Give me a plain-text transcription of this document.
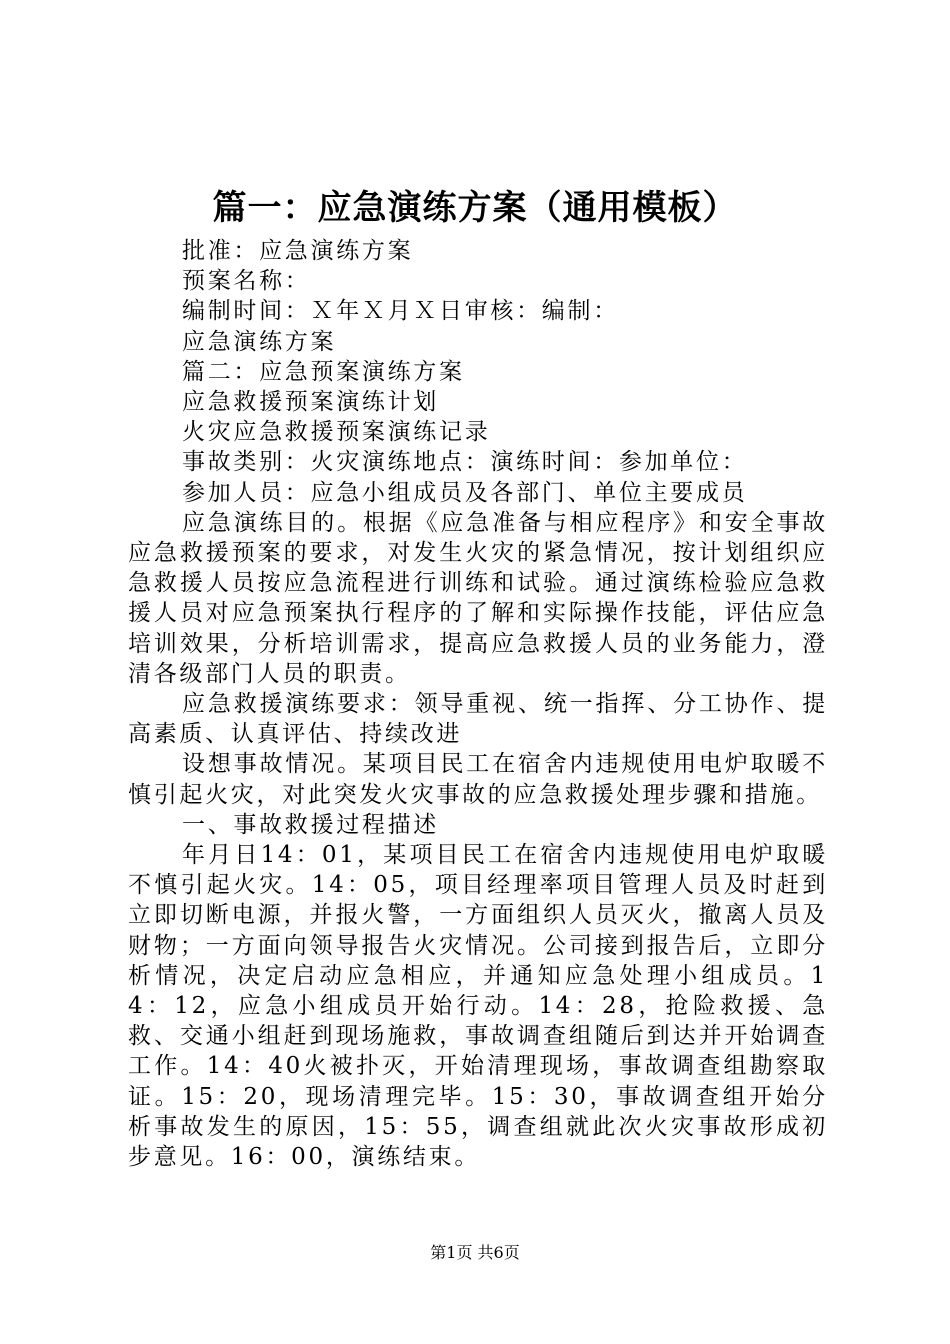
篇一：应急演练方案（通用模板）
批准：应急演练方案
预案名称：
编制时间：Ｘ年Ｘ月Ｘ日审核：编制：
应急演练方案
篇二：应急预案演练方案
应急救援预案演练计划
火灾应急救援预案演练记录
事故类别：火灾演练地点：演练时间：参加单位：
参加人员：应急小组成员及各部门、单位主要成员
应急演练目的。根据《应急准备与相应程序》和安全事故应急救援预案的要求，对发生火灾的紧急情况，按计划组织应急救援人员按应急流程进行训练和试验。通过演练检验应急救援人员对应急预案执行程序的了解和实际操作技能，评估应急培训效果，分析培训需求，提高应急救援人员的业务能力，澄清各级部门人员的职责。
应急救援演练要求：领导重视、统一指挥、分工协作、提高素质、认真评估、持续改进
设想事故情况。某项目民工在宿舍内违规使用电炉取暖不慎引起火灾，对此突发火灾事故的应急救援处理步骤和措施。
一、事故救援过程描述
年月日14：01，某项目民工在宿舍内违规使用电炉取暖不慎引起火灾。14：05，项目经理率项目管理人员及时赶到立即切断电源，并报火警，一方面组织人员灭火，撤离人员及财物；一方面向领导报告火灾情况。公司接到报告后，立即分析情况，决定启动应急相应，并通知应急处理小组成员。14：12，应急小组成员开始行动。14：28，抢险救援、急救、交通小组赶到现场施救，事故调查组随后到达并开始调查工作。14：40火被扑灭，开始清理现场，事故调查组勘察取证。15：20，现场清理完毕。15：30，事故调查组开始分析事故发生的原因，15：55，调查组就此次火灾事故形成初步意见。16：00，演练结束。
第1页 共6页
